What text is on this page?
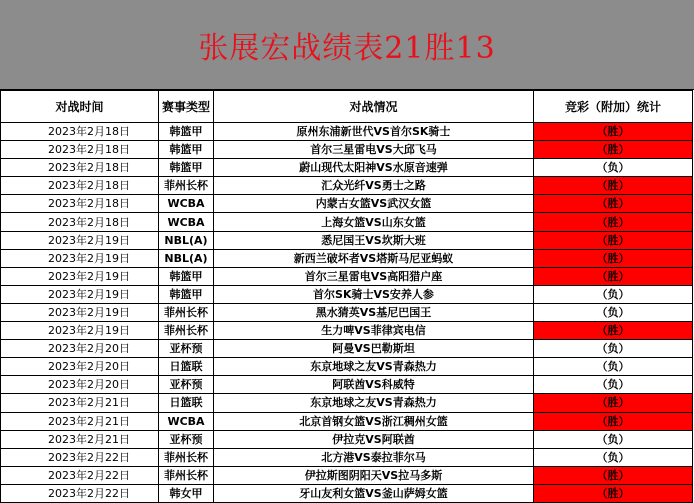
张展宏战绩表21胜13
对战时间	赛事类型	对战情况	竞彩（附加）统计
2023年2月18日	韩篮甲	原州东浦新世代VS首尔SK骑士	（胜）
2023年2月18日	韩篮甲	首尔三星雷电VS大邱飞马	（胜）
2023年2月18日	韩篮甲	蔚山现代太阳神VS水原音速弹	（负）
2023年2月18日	菲州长杯	汇众光纤VS勇士之路	（胜）
2023年2月18日	WCBA	内蒙古女篮VS武汉女篮	（胜）
2023年2月18日	WCBA	上海女篮VS山东女篮	（胜）
2023年2月19日	NBL(A)	悉尼国王VS坎斯大班	（胜）
2023年2月19日	NBL(A)	新西兰破坏者VS塔斯马尼亚蚂蚁	（胜）
2023年2月19日	韩篮甲	首尔三星雷电VS高阳猎户座	（胜）
2023年2月19日	韩篮甲	首尔SK骑士VS安养人参	（负）
2023年2月19日	菲州长杯	黑水猜英VS基尼巴国王	（负）
2023年2月19日	菲州长杯	生力啤VS菲律宾电信	（胜）
2023年2月20日	亚杯预	阿曼VS巴勒斯坦	（负）
2023年2月20日	日篮联	东京地球之友VS青森热力	（负）
2023年2月20日	亚杯预	阿联酋VS科威特	（负）
2023年2月21日	日篮联	东京地球之友VS青森热力	（胜）
2023年2月21日	WCBA	北京首钢女篮VS浙江稠州女篮	（胜）
2023年2月21日	亚杯预	伊拉克VS阿联酋	（负）
2023年2月22日	菲州长杯	北方港VS泰拉菲尔马	（负）
2023年2月22日	菲州长杯	伊拉斯图阴阳天VS拉马多斯	（胜）
2023年2月22日	韩女甲	牙山友利女篮VS釜山萨姆女篮	（胜）
